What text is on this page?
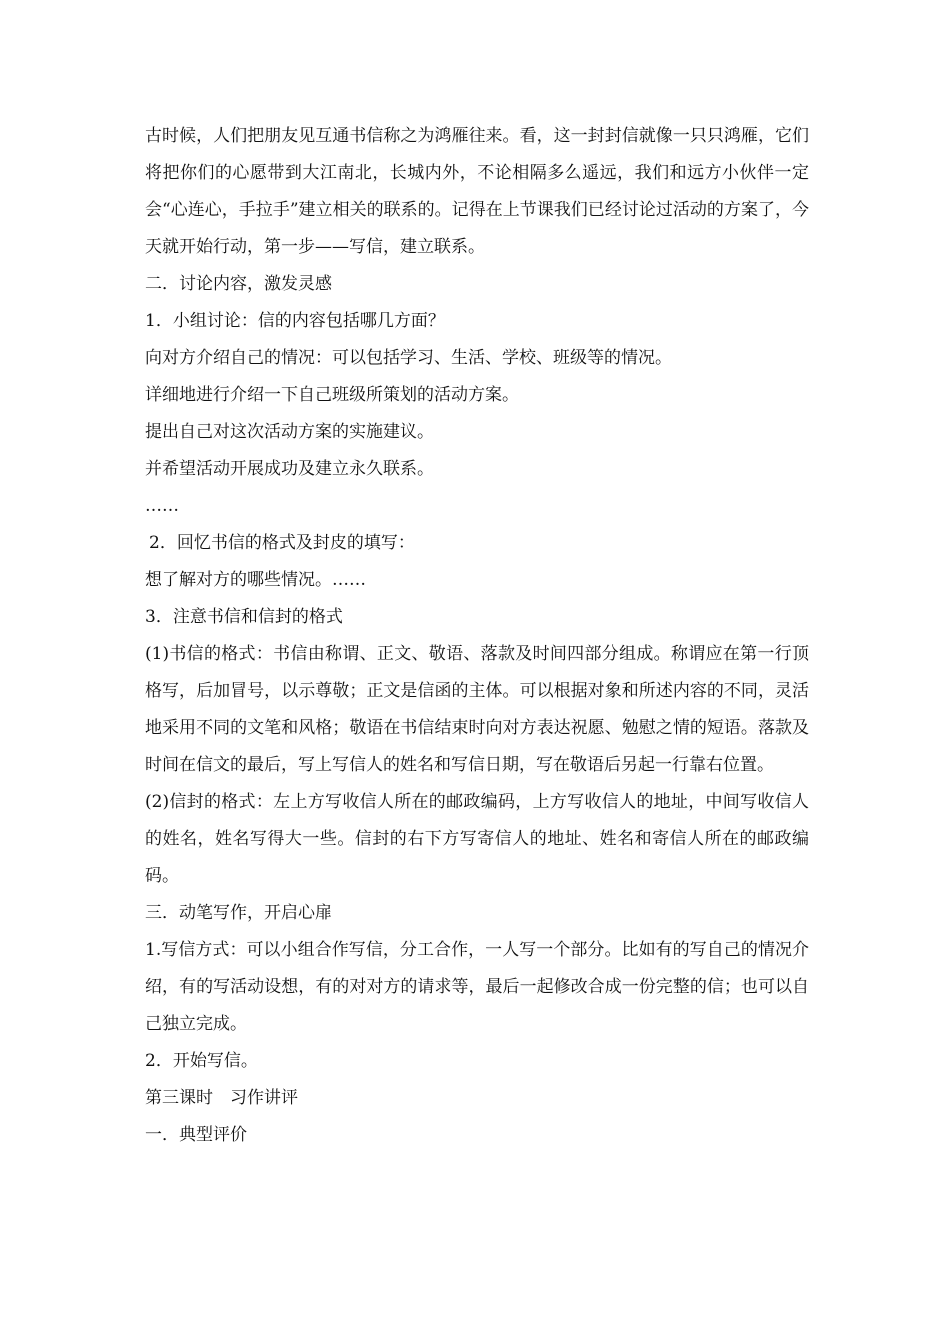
古时候，人们把朋友见互通书信称之为鸿雁往来。看，这一封封信就像一只只鸿雁，它们将把你们的心愿带到大江南北，长城内外，不论相隔多么遥远，我们和远方小伙伴一定会“心连心，手拉手”建立相关的联系的。记得在上节课我们已经讨论过活动的方案了，今天就开始行动，第一步——写信，建立联系。

二．讨论内容，激发灵感

1．小组讨论：信的内容包括哪几方面？

向对方介绍自己的情况：可以包括学习、生活、学校、班级等的情况。

详细地进行介绍一下自己班级所策划的活动方案。

提出自己对这次活动方案的实施建议。

并希望活动开展成功及建立永久联系。

……

2．回忆书信的格式及封皮的填写：

想了解对方的哪些情况。……

3．注意书信和信封的格式

(1)书信的格式：书信由称谓、正文、敬语、落款及时间四部分组成。称谓应在第一行顶格写，后加冒号，以示尊敬；正文是信函的主体。可以根据对象和所述内容的不同，灵活地采用不同的文笔和风格；敬语在书信结束时向对方表达祝愿、勉慰之情的短语。落款及时间在信文的最后，写上写信人的姓名和写信日期，写在敬语后另起一行靠右位置。

(2)信封的格式：左上方写收信人所在的邮政编码，上方写收信人的地址，中间写收信人的姓名，姓名写得大一些。信封的右下方写寄信人的地址、姓名和寄信人所在的邮政编码。

三．动笔写作，开启心扉

1.写信方式：可以小组合作写信，分工合作，一人写一个部分。比如有的写自己的情况介绍，有的写活动设想，有的对对方的请求等，最后一起修改合成一份完整的信；也可以自己独立完成。

2．开始写信。

第三课时　习作讲评

一．典型评价
